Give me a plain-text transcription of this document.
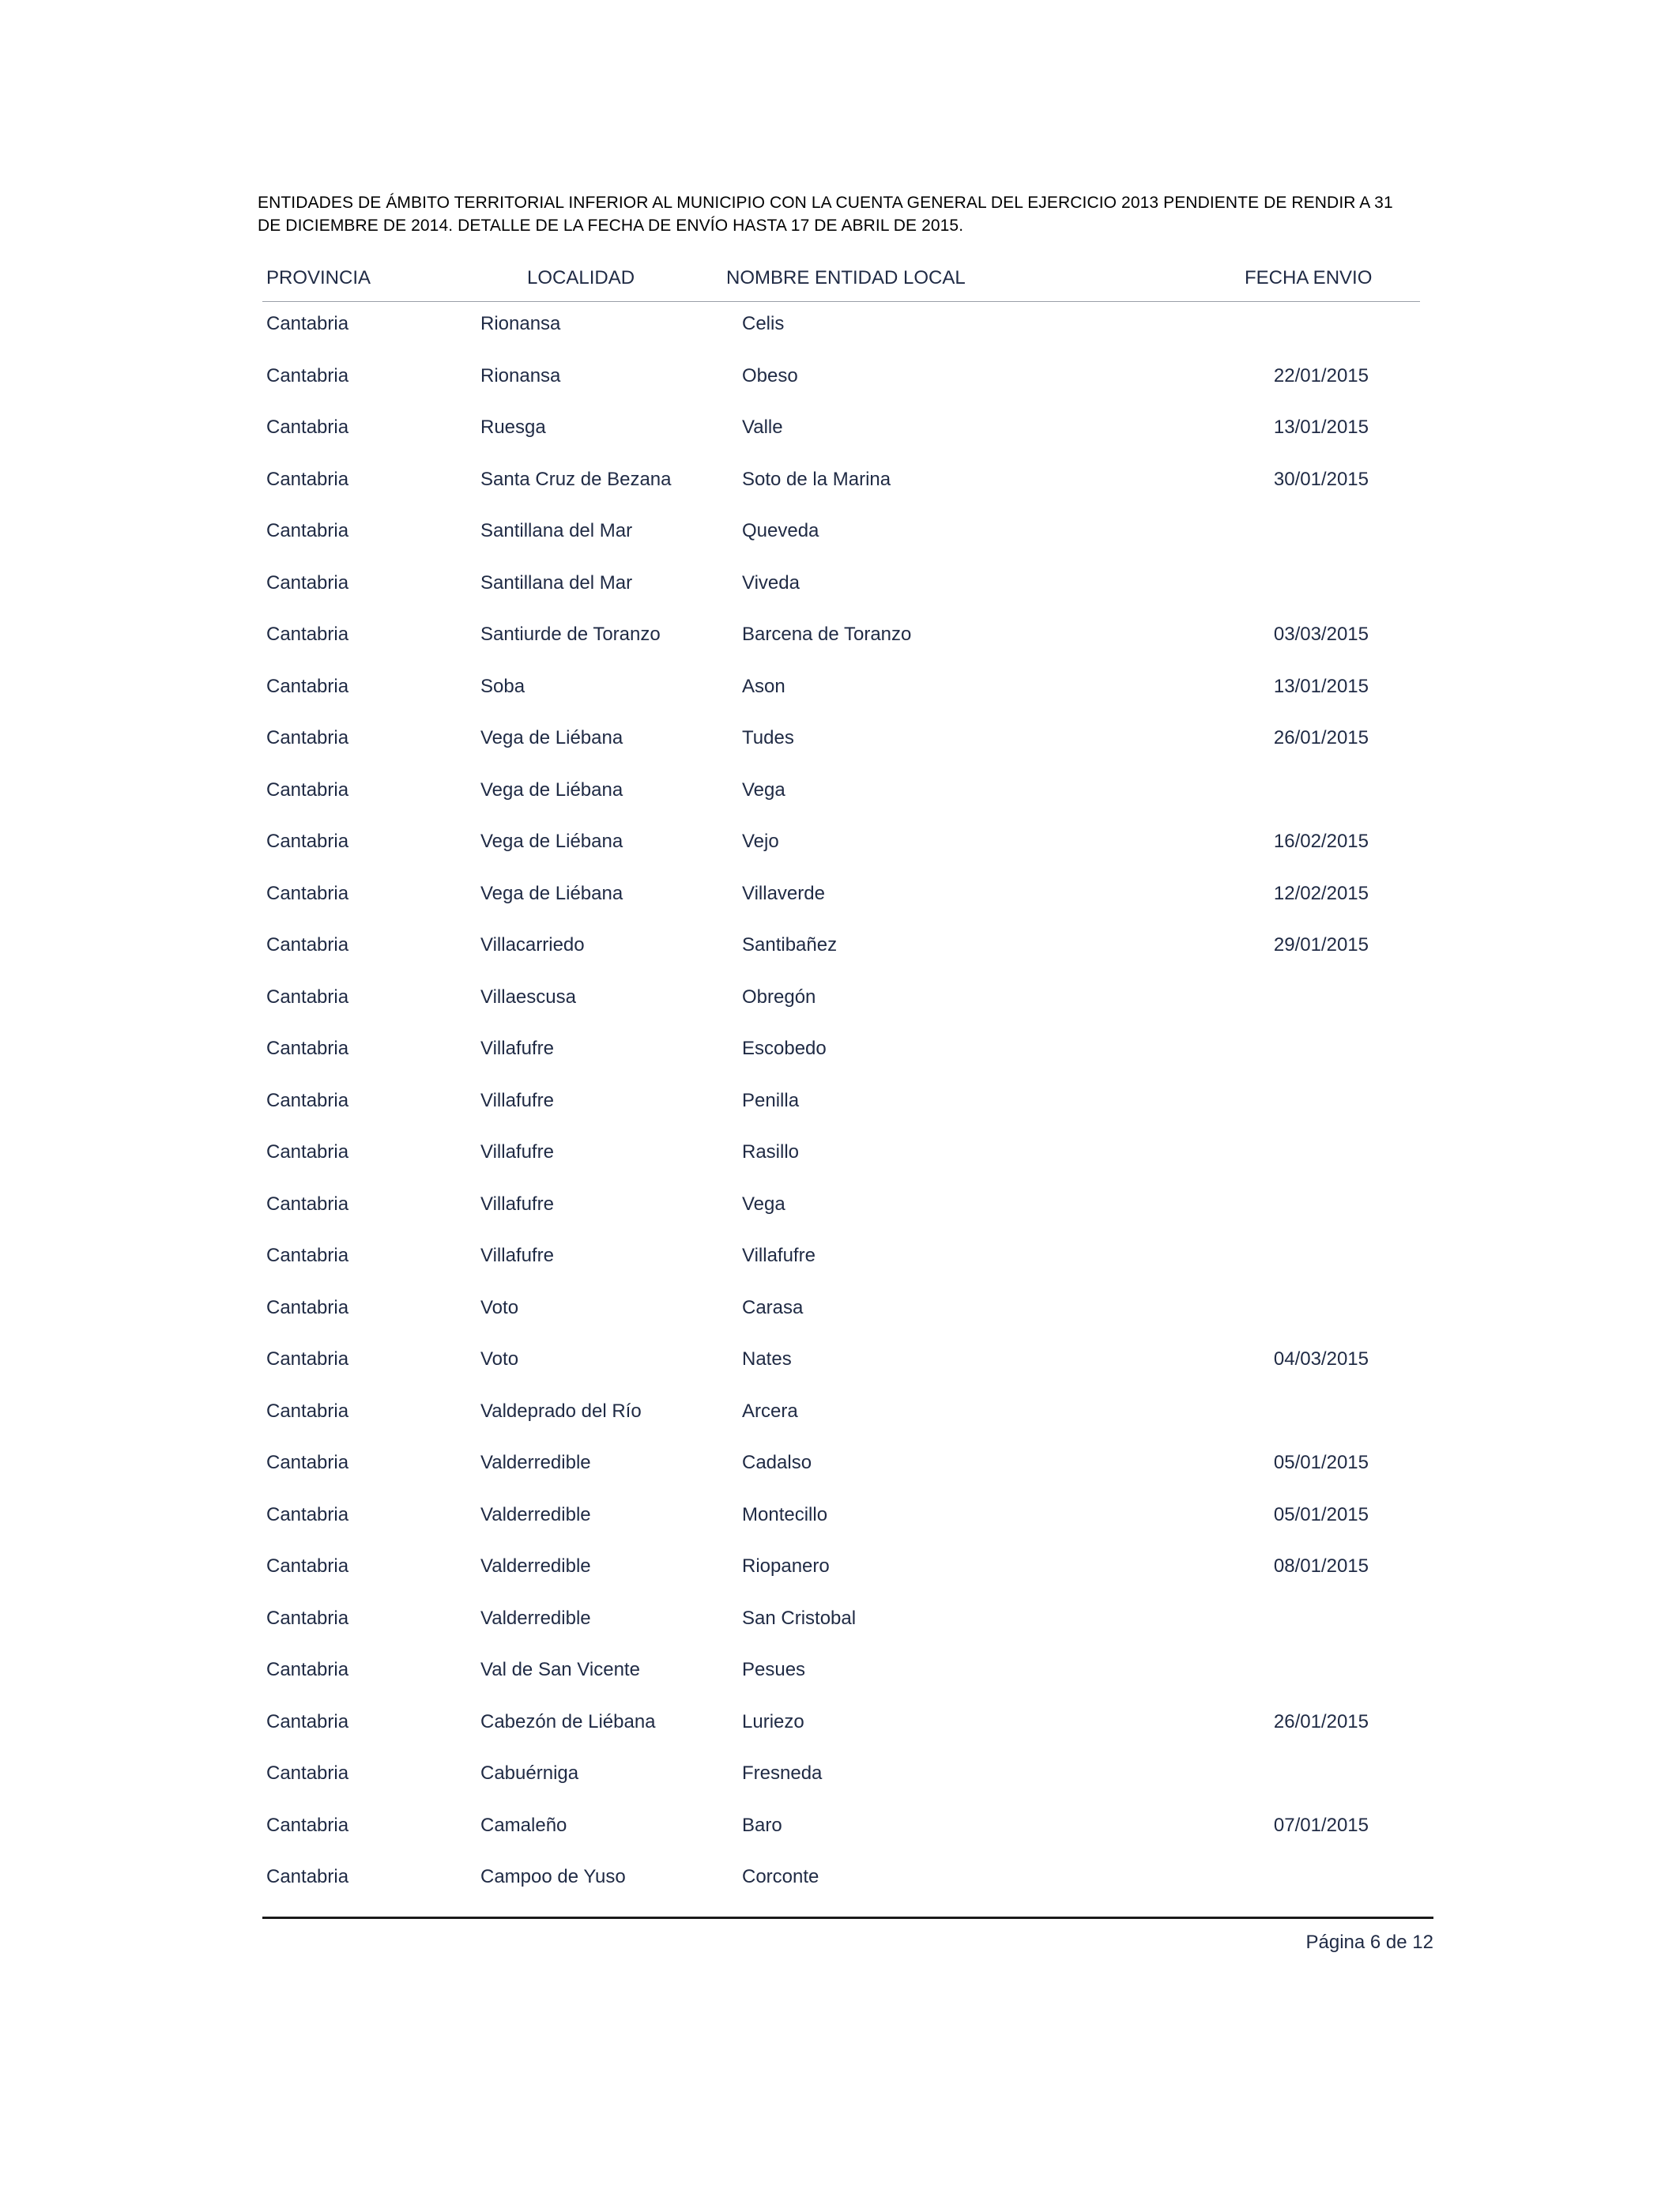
ENTIDADES DE ÁMBITO TERRITORIAL INFERIOR AL MUNICIPIO CON LA CUENTA GENERAL DEL EJERCICIO 2013 PENDIENTE DE RENDIR A 31
DE DICIEMBRE DE 2014. DETALLE DE LA FECHA DE ENVÍO HASTA 17 DE ABRIL DE 2015.
PROVINCIA	LOCALIDAD	NOMBRE ENTIDAD LOCAL	FECHA ENVIO
Cantabria	Rionansa	Celis
Cantabria	Rionansa	Obeso	22/01/2015
Cantabria	Ruesga	Valle	13/01/2015
Cantabria	Santa Cruz de Bezana	Soto de la Marina	30/01/2015
Cantabria	Santillana del Mar	Queveda
Cantabria	Santillana del Mar	Viveda
Cantabria	Santiurde de Toranzo	Barcena de Toranzo	03/03/2015
Cantabria	Soba	Ason	13/01/2015
Cantabria	Vega de Liébana	Tudes	26/01/2015
Cantabria	Vega de Liébana	Vega
Cantabria	Vega de Liébana	Vejo	16/02/2015
Cantabria	Vega de Liébana	Villaverde	12/02/2015
Cantabria	Villacarriedo	Santibañez	29/01/2015
Cantabria	Villaescusa	Obregón
Cantabria	Villafufre	Escobedo
Cantabria	Villafufre	Penilla
Cantabria	Villafufre	Rasillo
Cantabria	Villafufre	Vega
Cantabria	Villafufre	Villafufre
Cantabria	Voto	Carasa
Cantabria	Voto	Nates	04/03/2015
Cantabria	Valdeprado del Río	Arcera
Cantabria	Valderredible	Cadalso	05/01/2015
Cantabria	Valderredible	Montecillo	05/01/2015
Cantabria	Valderredible	Riopanero	08/01/2015
Cantabria	Valderredible	San Cristobal
Cantabria	Val de San Vicente	Pesues
Cantabria	Cabezón de Liébana	Luriezo	26/01/2015
Cantabria	Cabuérniga	Fresneda
Cantabria	Camaleño	Baro	07/01/2015
Cantabria	Campoo de Yuso	Corconte
Página 6 de 12
